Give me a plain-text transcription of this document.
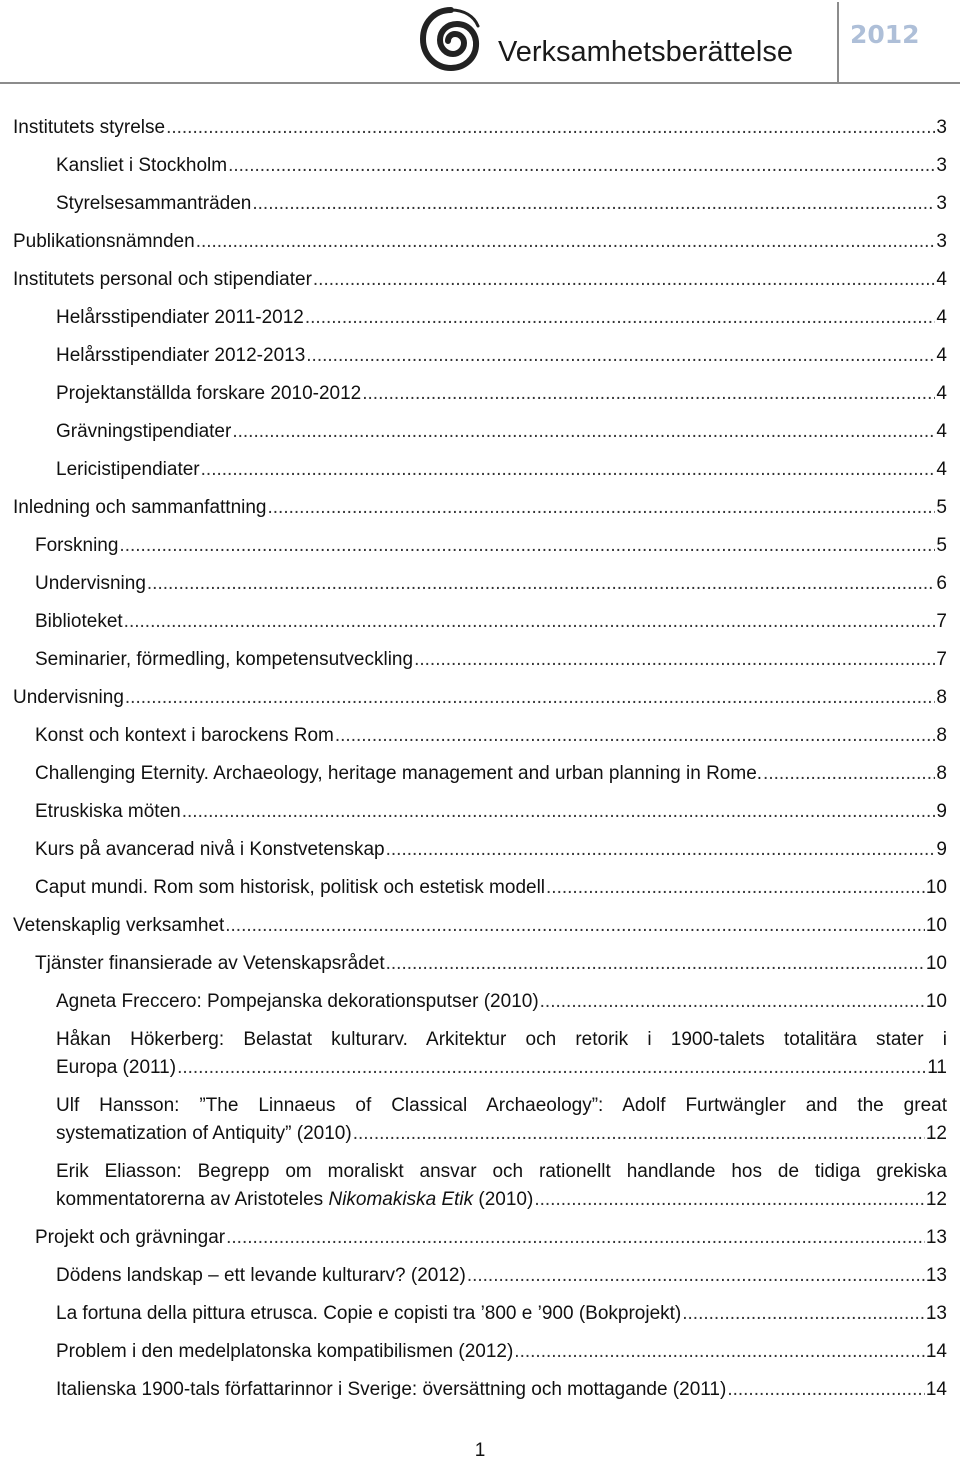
Verksamhetsberättelse
2012
Institutets styrelse .....	3
Kansliet i Stockholm .....	3
Styrelsesammanträden .....	3
Publikationsnämnden .....	3
Institutets personal och stipendiater .....	4
Helårsstipendiater 2011-2012 .....	4
Helårsstipendiater 2012-2013 .....	4
Projektanställda forskare 2010-2012 .....	4
Grävningstipendiater .....	4
Lericistipendiater .....	4
Inledning och sammanfattning .....	5
Forskning .....	5
Undervisning .....	6
Biblioteket .....	7
Seminarier, förmedling, kompetensutveckling .....	7
Undervisning .....	8
Konst och kontext i barockens Rom .....	8
Challenging Eternity. Archaeology, heritage management and urban planning in Rome. .....	8
Etruskiska möten .....	9
Kurs på avancerad nivå i Konstvetenskap .....	9
Caput mundi. Rom som historisk, politisk och estetisk modell .....	10
Vetenskaplig verksamhet .....	10
Tjänster finansierade av Vetenskapsrådet .....	10
Agneta Freccero: Pompejanska dekorationsputser (2010) .....	10
Håkan Hökerberg: Belastat kulturarv. Arkitektur och retorik i 1900-talets totalitära stater i
Europa (2011) .....	11
Ulf Hansson: ”The Linnaeus of Classical Archaeology”: Adolf Furtwängler and the great
systematization of Antiquity” (2010) .....	12
Erik Eliasson: Begrepp om moraliskt ansvar och rationellt handlande hos de tidiga grekiska
kommentatorerna av Aristoteles Nikomakiska Etik (2010) .....	12
Projekt och grävningar .....	13
Dödens landskap – ett levande kulturarv? (2012) .....	13
La fortuna della pittura etrusca. Copie e copisti tra ’800 e ’900 (Bokprojekt) .....	13
Problem i den medelplatonska kompatibilismen (2012) .....	14
Italienska 1900-tals författarinnor i Sverige: översättning och mottagande (2011) .....	14
1
